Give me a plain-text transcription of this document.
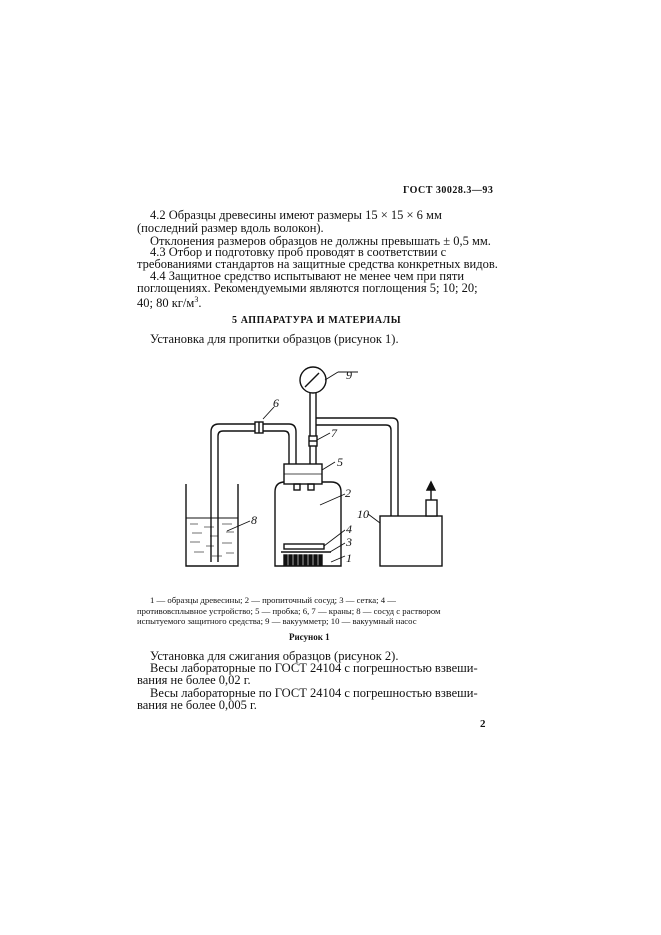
ГОСТ 30028.3—93
4.2 Образцы древесины имеют размеры 15 × 15 × 6 мм
(последний размер вдоль волокон).
Отклонения размеров образцов не должны превышать ± 0,5 мм.
4.3 Отбор и подготовку проб проводят в соответствии с
требованиями стандартов на защитные средства конкретных видов.
4.4 Защитное средство испытывают не менее чем при пяти
поглощениях. Рекомендуемыми являются поглощения 5; 10; 20;
40; 80 $кг/м^3$.
5 АППАРАТУРА И МАТЕРИАЛЫ
Установка для пропитки образцов (рисунок 1).
9
6
7
5
2
8	10
4
3
1
1 — образцы древесины; 2 — пропиточный сосуд; 3 — сетка; 4 —
противовсплывное устройство; 5 — пробка; 6, 7 — краны; 8 — сосуд с раствором
испытуемого защитного средства; 9 — вакуумметр; 10 — вакуумный насос
Рисунок 1
Установка для сжигания образцов (рисунок 2).
Весы лабораторные по ГОСТ 24104 с погрешностью взвеши-
вания не более 0,02 г.
Весы лабораторные по ГОСТ 24104 с погрешностью взвеши-
вания не более 0,005 г.
2
